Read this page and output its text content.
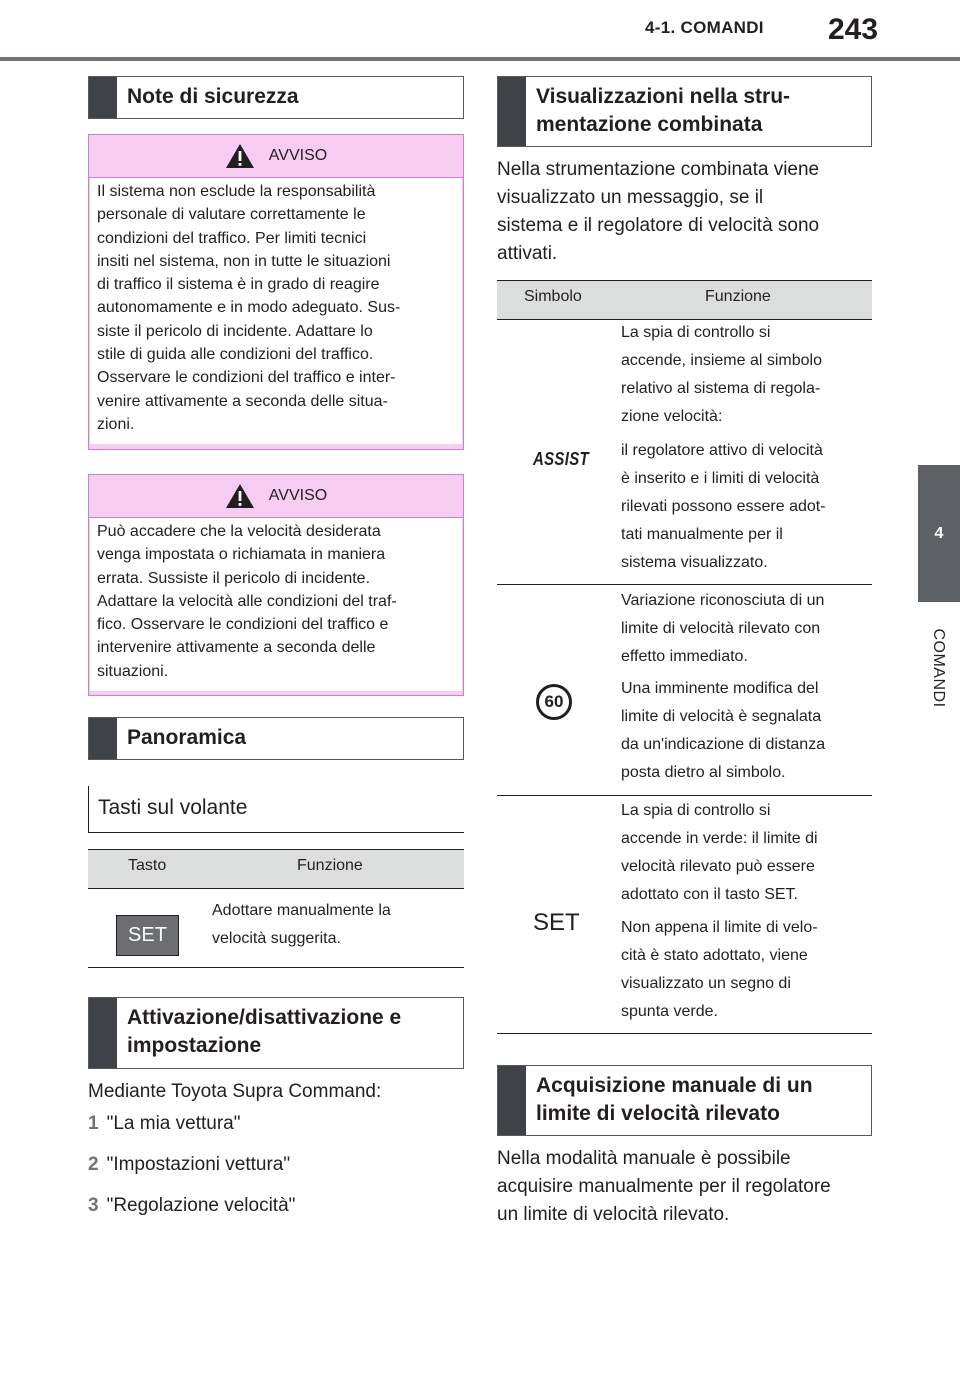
4-1. COMANDI 243
4
COMANDI
Note di sicurezza
AVVISO
Il sistema non esclude la responsabilità
personale di valutare correttamente le
condizioni del traffico. Per limiti tecnici
insiti nel sistema, non in tutte le situazioni
di traffico il sistema è in grado di reagire
autonomamente e in modo adeguato. Sus-
siste il pericolo di incidente. Adattare lo
stile di guida alle condizioni del traffico.
Osservare le condizioni del traffico e inter-
venire attivamente a seconda delle situa-
zioni.
AVVISO
Può accadere che la velocità desiderata
venga impostata o richiamata in maniera
errata. Sussiste il pericolo di incidente.
Adattare la velocità alle condizioni del traf-
fico. Osservare le condizioni del traffico e
intervenire attivamente a seconda delle
situazioni.
Panoramica
Tasti sul volante
Tasto	Funzione
SET
Adottare manualmente la
velocità suggerita.
Attivazione/disattivazione e
impostazione
Mediante Toyota Supra Command:
1 "La mia vettura"
2 "Impostazioni vettura"
3 "Regolazione velocità"
Visualizzazioni nella stru-
mentazione combinata
Nella strumentazione combinata viene
visualizzato un messaggio, se il
sistema e il regolatore di velocità sono
attivati.
Simbolo	Funzione
ASSIST
La spia di controllo si
accende, insieme al simbolo
relativo al sistema di regola-
zione velocità:
il regolatore attivo di velocità
è inserito e i limiti di velocità
rilevati possono essere adot-
tati manualmente per il
sistema visualizzato.
60
Variazione riconosciuta di un
limite di velocità rilevato con
effetto immediato.
Una imminente modifica del
limite di velocità è segnalata
da un'indicazione di distanza
posta dietro al simbolo.
SET
La spia di controllo si
accende in verde: il limite di
velocità rilevato può essere
adottato con il tasto SET.
Non appena il limite di velo-
cità è stato adottato, viene
visualizzato un segno di
spunta verde.
Acquisizione manuale di un
limite di velocità rilevato
Nella modalità manuale è possibile
acquisire manualmente per il regolatore
un limite di velocità rilevato.
